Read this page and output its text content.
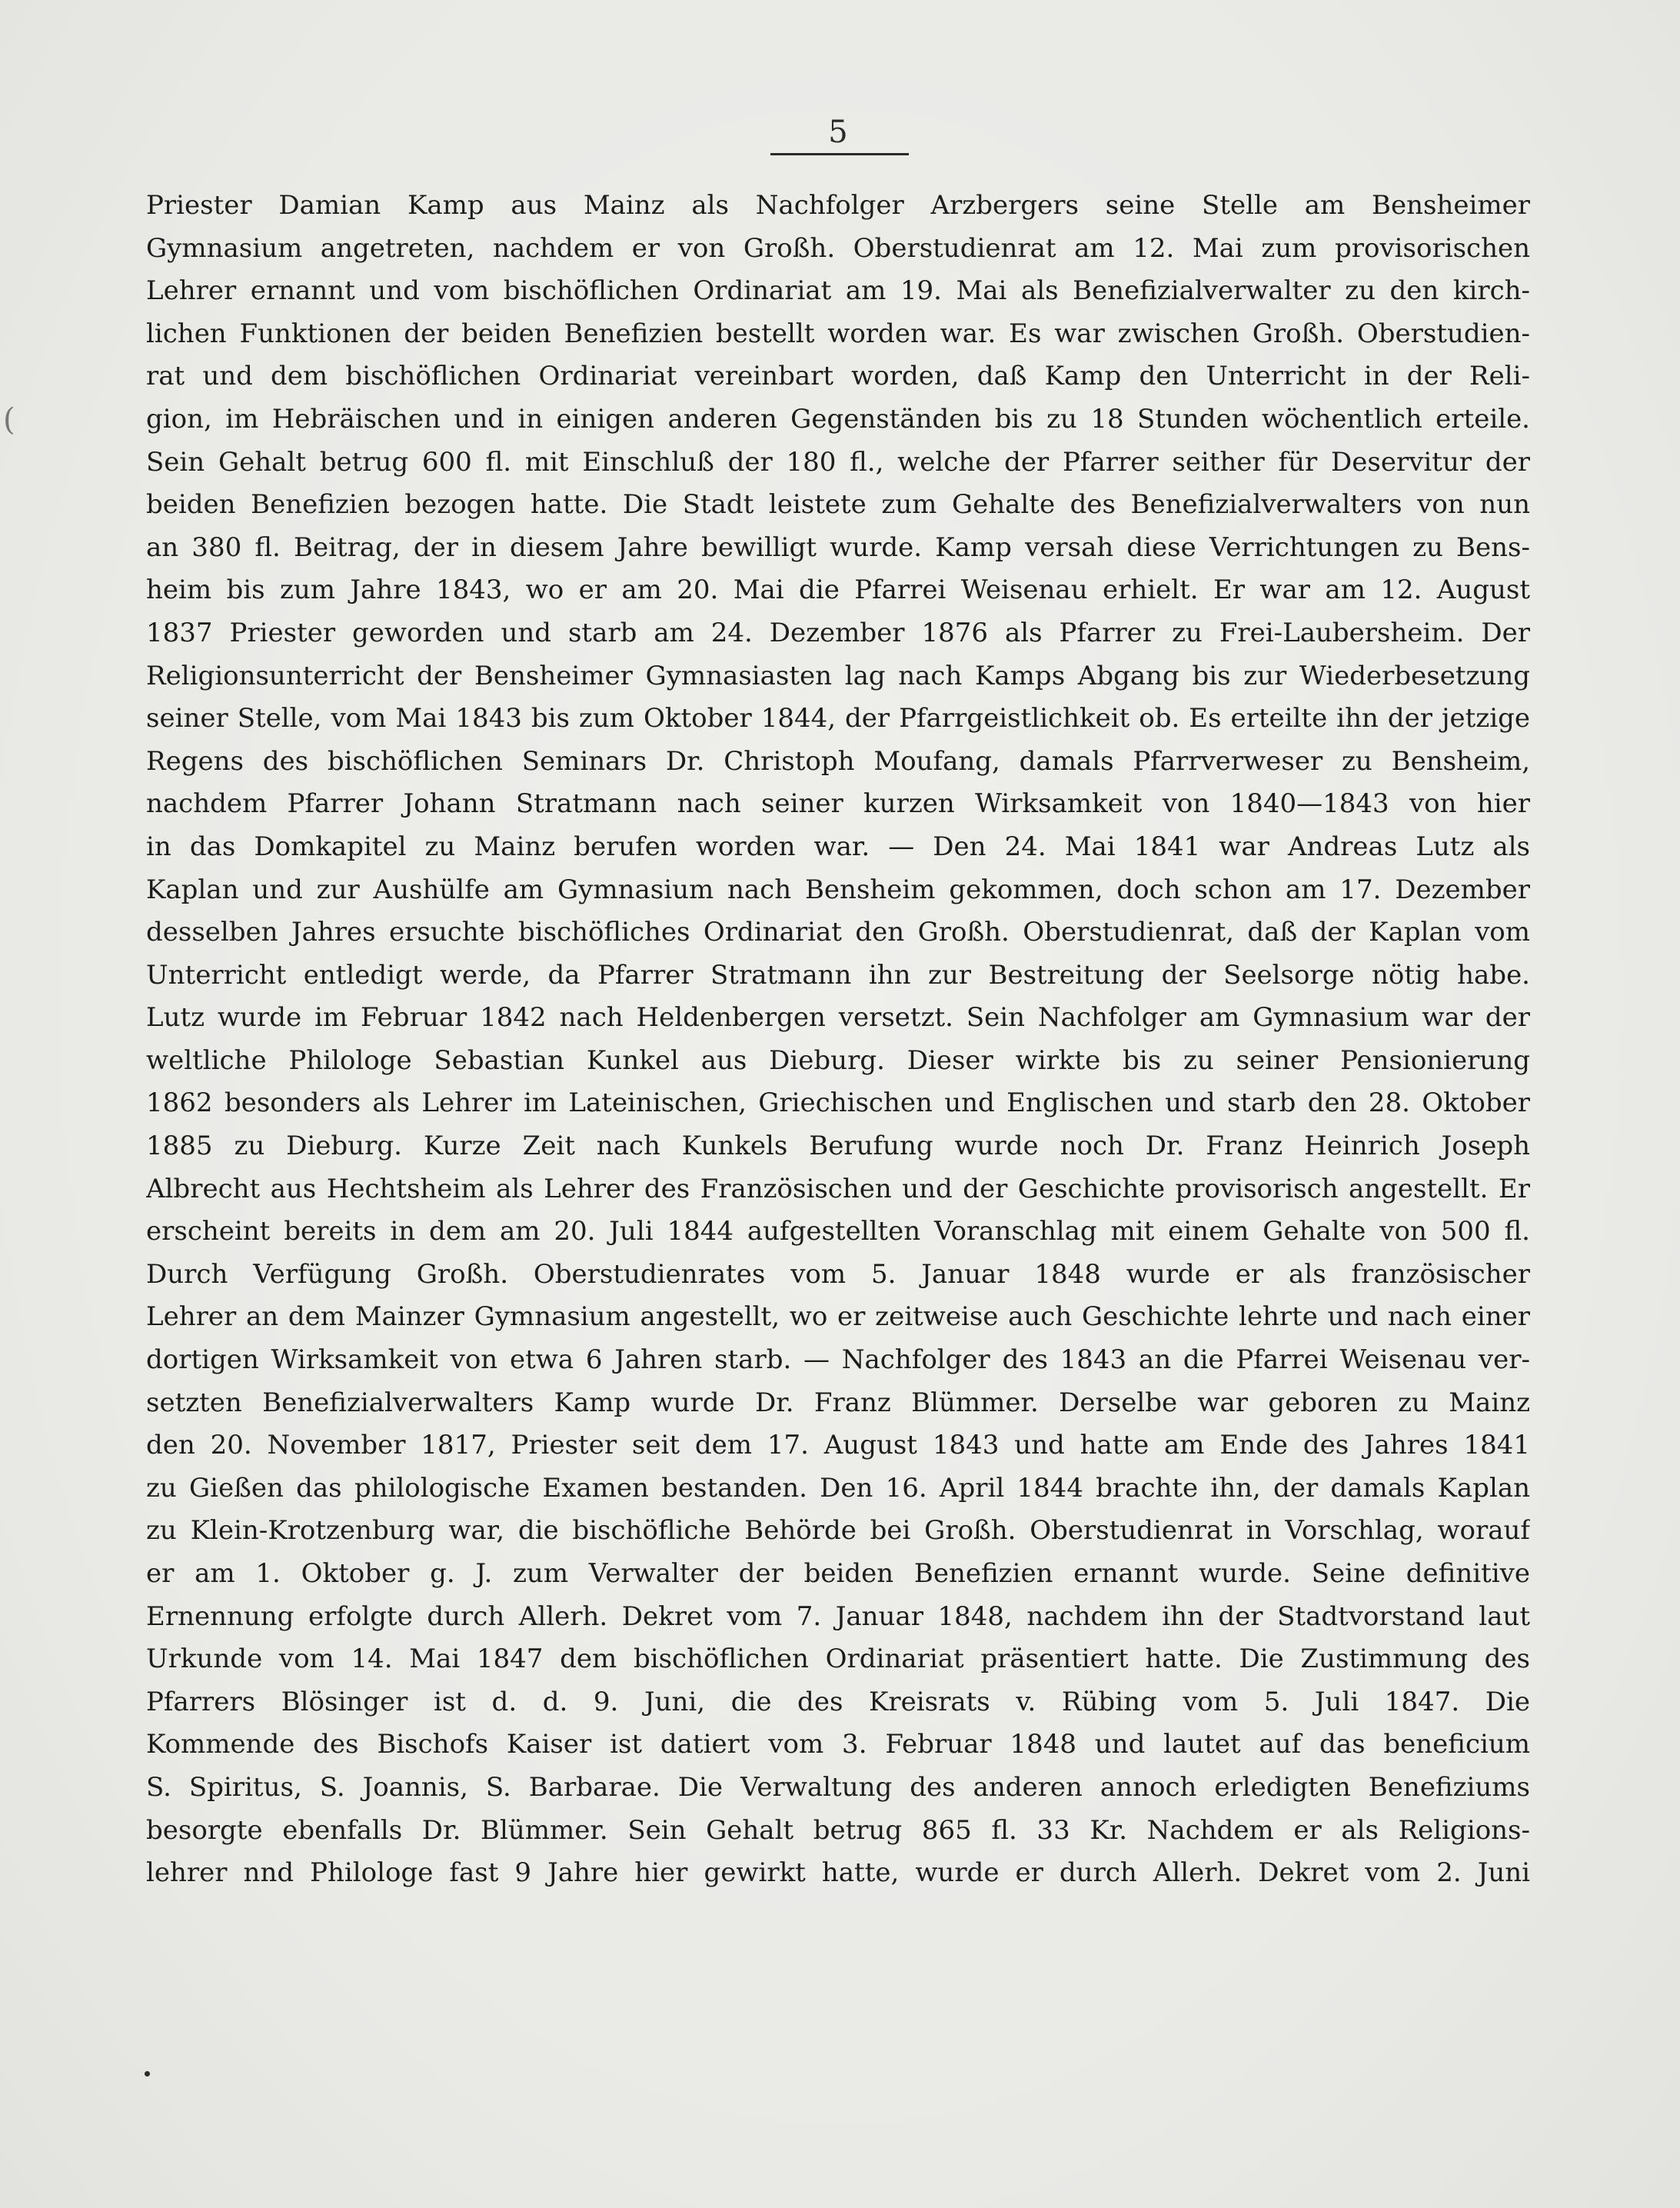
(
5
Priester Damian Kamp aus Mainz als Nachfolger Arzbergers seine Stelle am Bensheimer
Gymnasium angetreten, nachdem er von Großh. Oberstudienrat am 12. Mai zum provisorischen
Lehrer ernannt und vom bischöflichen Ordinariat am 19. Mai als Benefizialverwalter zu den kirch-
lichen Funktionen der beiden Benefizien bestellt worden war. Es war zwischen Großh. Oberstudien-
rat und dem bischöflichen Ordinariat vereinbart worden, daß Kamp den Unterricht in der Reli-
gion, im Hebräischen und in einigen anderen Gegenständen bis zu 18 Stunden wöchentlich erteile.
Sein Gehalt betrug 600 fl. mit Einschluß der 180 fl., welche der Pfarrer seither für Deservitur der
beiden Benefizien bezogen hatte. Die Stadt leistete zum Gehalte des Benefizialverwalters von nun
an 380 fl. Beitrag, der in diesem Jahre bewilligt wurde. Kamp versah diese Verrichtungen zu Bens-
heim bis zum Jahre 1843, wo er am 20. Mai die Pfarrei Weisenau erhielt. Er war am 12. August
1837 Priester geworden und starb am 24. Dezember 1876 als Pfarrer zu Frei-Laubersheim. Der
Religionsunterricht der Bensheimer Gymnasiasten lag nach Kamps Abgang bis zur Wiederbesetzung
seiner Stelle, vom Mai 1843 bis zum Oktober 1844, der Pfarrgeistlichkeit ob. Es erteilte ihn der jetzige
Regens des bischöflichen Seminars Dr. Christoph Moufang, damals Pfarrverweser zu Bensheim,
nachdem Pfarrer Johann Stratmann nach seiner kurzen Wirksamkeit von 1840—1843 von hier
in das Domkapitel zu Mainz berufen worden war. — Den 24. Mai 1841 war Andreas Lutz als
Kaplan und zur Aushülfe am Gymnasium nach Bensheim gekommen, doch schon am 17. Dezember
desselben Jahres ersuchte bischöfliches Ordinariat den Großh. Oberstudienrat, daß der Kaplan vom
Unterricht entledigt werde, da Pfarrer Stratmann ihn zur Bestreitung der Seelsorge nötig habe.
Lutz wurde im Februar 1842 nach Heldenbergen versetzt. Sein Nachfolger am Gymnasium war der
weltliche Philologe Sebastian Kunkel aus Dieburg. Dieser wirkte bis zu seiner Pensionierung
1862 besonders als Lehrer im Lateinischen, Griechischen und Englischen und starb den 28. Oktober
1885 zu Dieburg. Kurze Zeit nach Kunkels Berufung wurde noch Dr. Franz Heinrich Joseph
Albrecht aus Hechtsheim als Lehrer des Französischen und der Geschichte provisorisch angestellt. Er
erscheint bereits in dem am 20. Juli 1844 aufgestellten Voranschlag mit einem Gehalte von 500 fl.
Durch Verfügung Großh. Oberstudienrates vom 5. Januar 1848 wurde er als französischer
Lehrer an dem Mainzer Gymnasium angestellt, wo er zeitweise auch Geschichte lehrte und nach einer
dortigen Wirksamkeit von etwa 6 Jahren starb. — Nachfolger des 1843 an die Pfarrei Weisenau ver-
setzten Benefizialverwalters Kamp wurde Dr. Franz Blümmer. Derselbe war geboren zu Mainz
den 20. November 1817, Priester seit dem 17. August 1843 und hatte am Ende des Jahres 1841
zu Gießen das philologische Examen bestanden. Den 16. April 1844 brachte ihn, der damals Kaplan
zu Klein-Krotzenburg war, die bischöfliche Behörde bei Großh. Oberstudienrat in Vorschlag, worauf
er am 1. Oktober g. J. zum Verwalter der beiden Benefizien ernannt wurde. Seine definitive
Ernennung erfolgte durch Allerh. Dekret vom 7. Januar 1848, nachdem ihn der Stadtvorstand laut
Urkunde vom 14. Mai 1847 dem bischöflichen Ordinariat präsentiert hatte. Die Zustimmung des
Pfarrers Blösinger ist d. d. 9. Juni, die des Kreisrats v. Rübing vom 5. Juli 1847. Die
Kommende des Bischofs Kaiser ist datiert vom 3. Februar 1848 und lautet auf das beneficium
S. Spiritus, S. Joannis, S. Barbarae. Die Verwaltung des anderen annoch erledigten Benefiziums
besorgte ebenfalls Dr. Blümmer. Sein Gehalt betrug 865 fl. 33 Kr. Nachdem er als Religions-
lehrer nnd Philologe fast 9 Jahre hier gewirkt hatte, wurde er durch Allerh. Dekret vom 2. Juni
